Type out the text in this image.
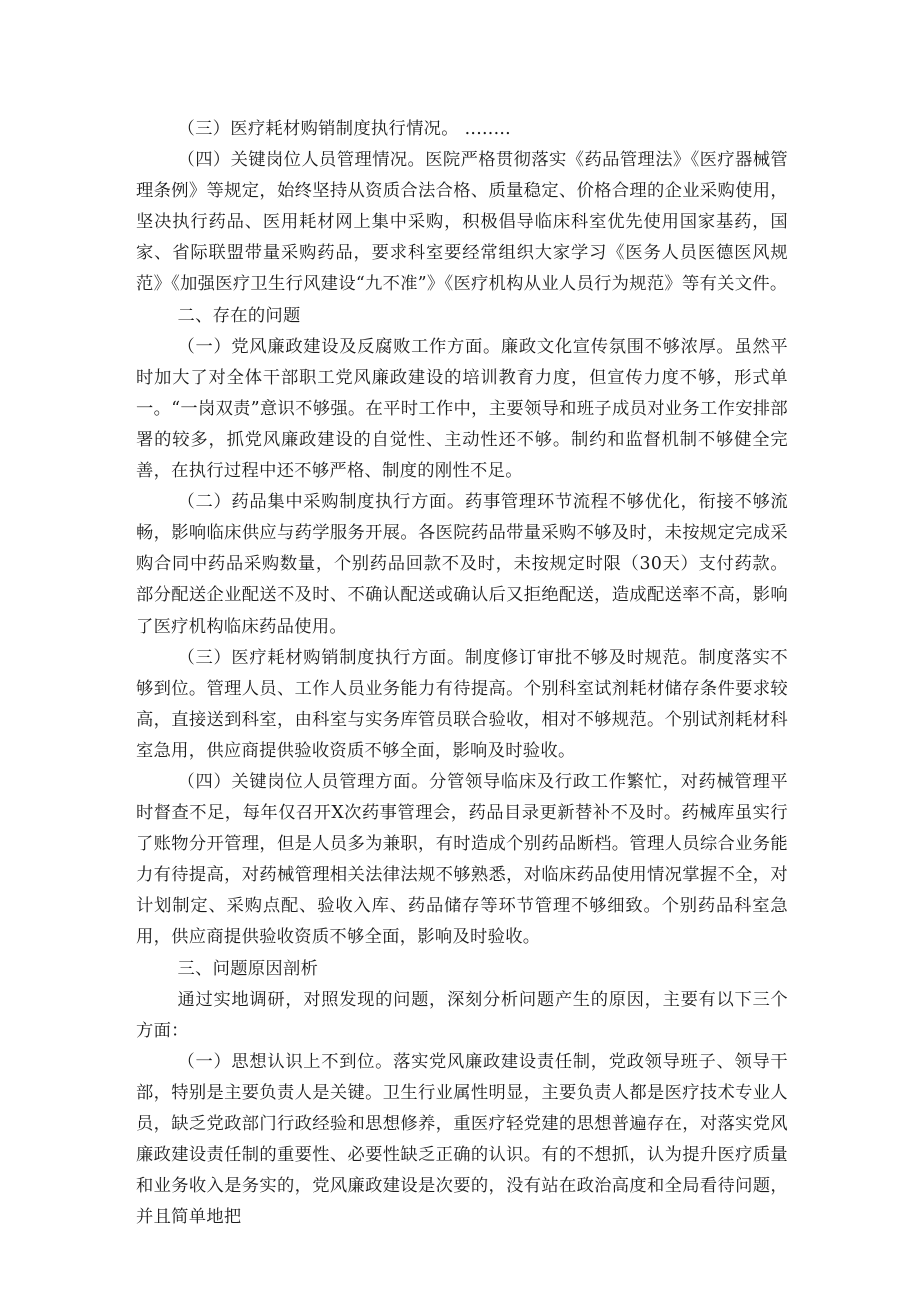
（三）医疗耗材购销制度执行情况。 ........

（四）关键岗位人员管理情况。医院严格贯彻落实《药品管理法》《医疗器械管理条例》等规定，始终坚持从资质合法合格、质量稳定、价格合理的企业采购使用，坚决执行药品、医用耗材网上集中采购，积极倡导临床科室优先使用国家基药，国家、省际联盟带量采购药品，要求科室要经常组织大家学习《医务人员医德医风规范》《加强医疗卫生行风建设“九不准”》《医疗机构从业人员行为规范》等有关文件。

二、存在的问题

（一）党风廉政建设及反腐败工作方面。廉政文化宣传氛围不够浓厚。虽然平时加大了对全体干部职工党风廉政建设的培训教育力度，但宣传力度不够，形式单一。“一岗双责”意识不够强。在平时工作中，主要领导和班子成员对业务工作安排部署的较多，抓党风廉政建设的自觉性、主动性还不够。制约和监督机制不够健全完善，在执行过程中还不够严格、制度的刚性不足。

（二）药品集中采购制度执行方面。药事管理环节流程不够优化，衔接不够流畅，影响临床供应与药学服务开展。各医院药品带量采购不够及时，未按规定完成采购合同中药品采购数量，个别药品回款不及时，未按规定时限（30天）支付药款。部分配送企业配送不及时、不确认配送或确认后又拒绝配送，造成配送率不高，影响了医疗机构临床药品使用。

（三）医疗耗材购销制度执行方面。制度修订审批不够及时规范。制度落实不够到位。管理人员、工作人员业务能力有待提高。个别科室试剂耗材储存条件要求较高，直接送到科室，由科室与实务库管员联合验收，相对不够规范。个别试剂耗材科室急用，供应商提供验收资质不够全面，影响及时验收。

（四）关键岗位人员管理方面。分管领导临床及行政工作繁忙，对药械管理平时督查不足，每年仅召开X次药事管理会，药品目录更新替补不及时。药械库虽实行了账物分开管理，但是人员多为兼职，有时造成个别药品断档。管理人员综合业务能力有待提高，对药械管理相关法律法规不够熟悉，对临床药品使用情况掌握不全，对计划制定、采购点配、验收入库、药品储存等环节管理不够细致。个别药品科室急用，供应商提供验收资质不够全面，影响及时验收。

三、问题原因剖析

通过实地调研，对照发现的问题，深刻分析问题产生的原因，主要有以下三个方面：

（一）思想认识上不到位。落实党风廉政建设责任制，党政领导班子、领导干部，特别是主要负责人是关键。卫生行业属性明显，主要负责人都是医疗技术专业人员，缺乏党政部门行政经验和思想修养，重医疗轻党建的思想普遍存在，对落实党风廉政建设责任制的重要性、必要性缺乏正确的认识。有的不想抓，认为提升医疗质量和业务收入是务实的，党风廉政建设是次要的，没有站在政治高度和全局看待问题，并且简单地把
